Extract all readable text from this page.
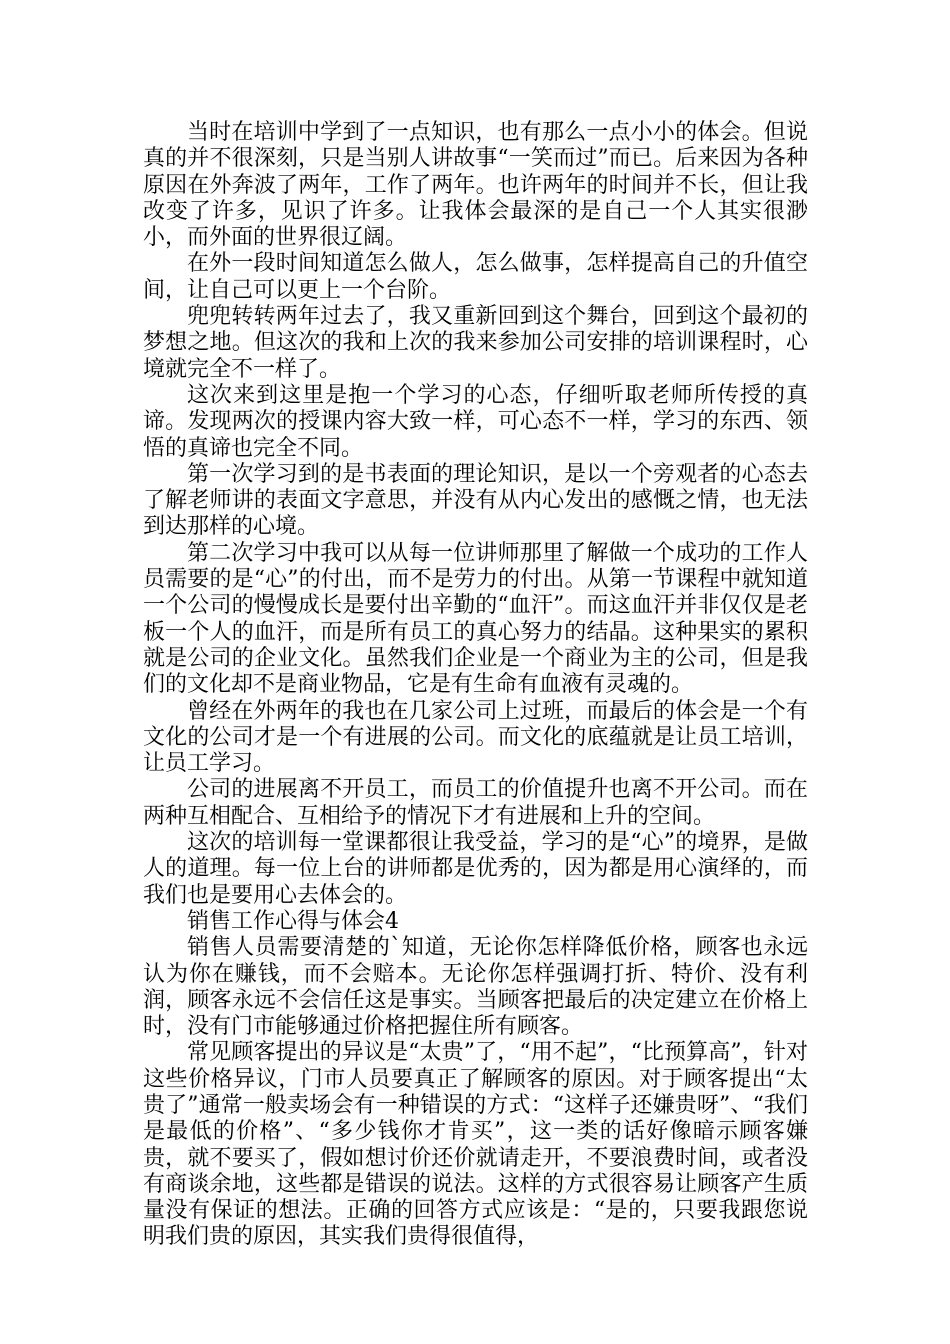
当时在培训中学到了一点知识，也有那么一点小小的体会。但说真的并不很深刻，只是当别人讲故事“一笑而过”而已。后来因为各种原因在外奔波了两年，工作了两年。也许两年的时间并不长，但让我改变了许多，见识了许多。让我体会最深的是自己一个人其实很渺小，而外面的世界很辽阔。

在外一段时间知道怎么做人，怎么做事，怎样提高自己的升值空间，让自己可以更上一个台阶。

兜兜转转两年过去了，我又重新回到这个舞台，回到这个最初的梦想之地。但这次的我和上次的我来参加公司安排的培训课程时，心境就完全不一样了。

这次来到这里是抱一个学习的心态，仔细听取老师所传授的真谛。发现两次的授课内容大致一样，可心态不一样，学习的东西、领悟的真谛也完全不同。

第一次学习到的是书表面的理论知识，是以一个旁观者的心态去了解老师讲的表面文字意思，并没有从内心发出的感慨之情，也无法到达那样的心境。

第二次学习中我可以从每一位讲师那里了解做一个成功的工作人员需要的是“心”的付出，而不是劳力的付出。从第一节课程中就知道一个公司的慢慢成长是要付出辛勤的“血汗”。而这血汗并非仅仅是老板一个人的血汗，而是所有员工的真心努力的结晶。这种果实的累积就是公司的企业文化。虽然我们企业是一个商业为主的公司，但是我们的文化却不是商业物品，它是有生命有血液有灵魂的。

曾经在外两年的我也在几家公司上过班，而最后的体会是一个有文化的公司才是一个有进展的公司。而文化的底蕴就是让员工培训，让员工学习。

公司的进展离不开员工，而员工的价值提升也离不开公司。而在两种互相配合、互相给予的情况下才有进展和上升的空间。

这次的培训每一堂课都很让我受益，学习的是“心”的境界，是做人的道理。每一位上台的讲师都是优秀的，因为都是用心演绎的，而我们也是要用心去体会的。

销售工作心得与体会4

销售人员需要清楚的`知道，无论你怎样降低价格，顾客也永远认为你在赚钱，而不会赔本。无论你怎样强调打折、特价、没有利润，顾客永远不会信任这是事实。当顾客把最后的决定建立在价格上时，没有门市能够通过价格把握住所有顾客。

常见顾客提出的异议是“太贵”了，“用不起”，“比预算高”，针对这些价格异议，门市人员要真正了解顾客的原因。对于顾客提出“太贵了”通常一般卖场会有一种错误的方式：“这样子还嫌贵呀”、“我们是最低的价格”、“多少钱你才肯买”，这一类的话好像暗示顾客嫌贵，就不要买了，假如想讨价还价就请走开，不要浪费时间，或者没有商谈余地，这些都是错误的说法。这样的方式很容易让顾客产生质量没有保证的想法。正确的回答方式应该是：“是的，只要我跟您说明我们贵的原因，其实我们贵得很值得，
